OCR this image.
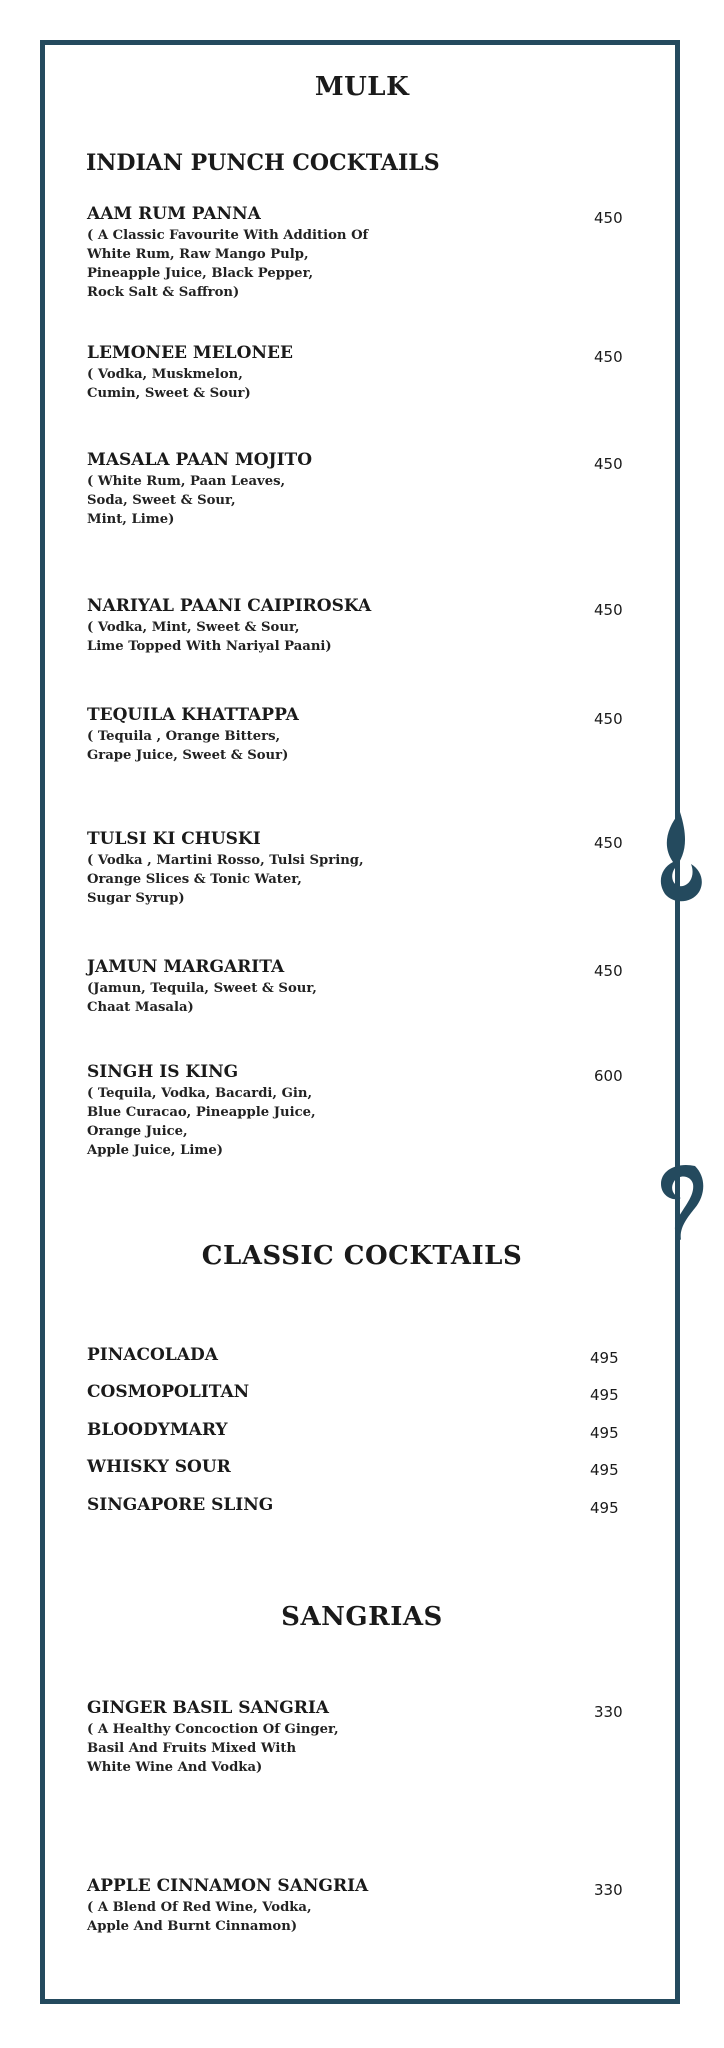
MULK
INDIAN PUNCH COCKTAILS
AAM RUM PANNA
( A Classic Favourite With Addition Of
White Rum, Raw Mango Pulp,
Pineapple Juice, Black Pepper,
Rock Salt & Saffron)
450
LEMONEE MELONEE
( Vodka, Muskmelon,
Cumin, Sweet & Sour)
450
MASALA PAAN MOJITO
( White Rum, Paan Leaves,
Soda, Sweet & Sour,
Mint, Lime)
450
NARIYAL PAANI CAIPIROSKA
( Vodka, Mint, Sweet & Sour,
Lime Topped With Nariyal Paani)
450
TEQUILA KHATTAPPA
( Tequila , Orange Bitters,
Grape Juice, Sweet & Sour)
450
TULSI KI CHUSKI
( Vodka , Martini Rosso, Tulsi Spring,
Orange Slices & Tonic Water,
Sugar Syrup)
450
JAMUN MARGARITA
(Jamun, Tequila, Sweet & Sour,
Chaat Masala)
450
SINGH IS KING
( Tequila, Vodka, Bacardi, Gin,
Blue Curacao, Pineapple Juice,
Orange Juice,
Apple Juice, Lime)
600
CLASSIC COCKTAILS
PINACOLADA	495
COSMOPOLITAN	495
BLOODYMARY	495
WHISKY SOUR	495
SINGAPORE SLING	495
SANGRIAS
GINGER BASIL SANGRIA
( A Healthy Concoction Of Ginger,
Basil And Fruits Mixed With
White Wine And Vodka)
330
APPLE CINNAMON SANGRIA
( A Blend Of Red Wine, Vodka,
Apple And Burnt Cinnamon)
330
